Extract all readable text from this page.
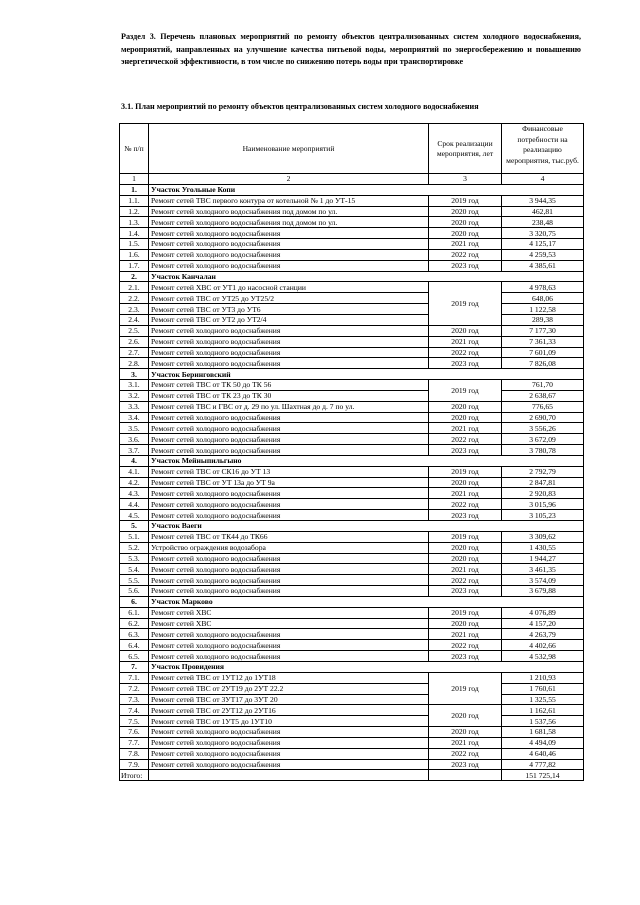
Раздел 3. Перечень плановых мероприятий по ремонту объектов централизованных систем холодного водоснабжения, мероприятий, направленных на улучшение качества питьевой воды, мероприятий по энергосбережению и повышению энергетической эффективности, в том числе по снижению потерь воды при транспортировке
3.1. План мероприятий по ремонту объектов централизованных систем холодного водоснабжения
№ п/п	Наименование мероприятий	Срок реализации мероприятия, лет	Финансовые потребности на реализацию мероприятия, тыс.руб.
1	2	3	4
1.	Участок Угольные Копи		
1.1.	Ремонт сетей ТВС первого контура от котельной № 1 до УТ-15	2019 год	3 944,35
1.2.	Ремонт сетей холодного водоснабжения под домом по ул.	2020 год	462,81
1.3.	Ремонт сетей холодного водоснабжения под домом по ул.	2020 год	238,48
1.4.	Ремонт сетей холодного водоснабжения	2020 год	3 320,75
1.5.	Ремонт сетей холодного водоснабжения	2021 год	4 125,17
1.6.	Ремонт сетей холодного водоснабжения	2022 год	4 259,53
1.7.	Ремонт сетей холодного водоснабжения	2023 год	4 385,61
2.	Участок Канчалан		
2.1.	Ремонт сетей ХВС от УТ1 до насосной станции	2019 год	4 978,63
2.2.	Ремонт сетей ТВС от УТ25 до УТ25/2		648,06
2.3.	Ремонт сетей ТВС от УТ3 до УТ6		1 122,58
2.4.	Ремонт сетей ТВС от УТ2 до УТ2/4		289,38
2.5.	Ремонт сетей холодного водоснабжения	2020 год	7 177,30
2.6.	Ремонт сетей холодного водоснабжения	2021 год	7 361,33
2.7.	Ремонт сетей холодного водоснабжения	2022 год	7 601,09
2.8.	Ремонт сетей холодного водоснабжения	2023 год	7 826,08
3.	Участок Беринговский		
3.1.	Ремонт сетей ТВС от ТК 50 до ТК 56	2019 год	761,70
3.2.	Ремонт сетей ТВС от ТК 23 до ТК 30		2 638,67
3.3.	Ремонт сетей ТВС и ГВС от д. 29 по ул. Шахтная до д. 7 по ул.	2020 год	776,65
3.4.	Ремонт сетей холодного водоснабжения	2020 год	2 690,70
3.5.	Ремонт сетей холодного водоснабжения	2021 год	3 556,26
3.6.	Ремонт сетей холодного водоснабжения	2022 год	3 672,09
3.7.	Ремонт сетей холодного водоснабжения	2023 год	3 780,78
4.	Участок Мейныпильгыно		
4.1.	Ремонт сетей ТВС от СК16 до УТ 13	2019 год	2 792,79
4.2.	Ремонт сетей ТВС от УТ 13а до УТ 9а	2020 год	2 847,81
4.3.	Ремонт сетей холодного водоснабжения	2021 год	2 920,83
4.4.	Ремонт сетей холодного водоснабжения	2022 год	3 015,96
4.5.	Ремонт сетей холодного водоснабжения	2023 год	3 105,23
5.	Участок Ваеги		
5.1.	Ремонт сетей ТВС от ТК44 до ТК66	2019 год	3 309,62
5.2.	Устройство ограждения водозабора	2020 год	1 430,55
5.3.	Ремонт сетей холодного водоснабжения	2020 год	1 944,27
5.4.	Ремонт сетей холодного водоснабжения	2021 год	3 461,35
5.5.	Ремонт сетей холодного водоснабжения	2022 год	3 574,09
5.6.	Ремонт сетей холодного водоснабжения	2023 год	3 679,88
6.	Участок Марково		
6.1.	Ремонт сетей ХВС	2019 год	4 076,89
6.2.	Ремонт сетей ХВС	2020 год	4 157,20
6.3.	Ремонт сетей холодного водоснабжения	2021 год	4 263,79
6.4.	Ремонт сетей холодного водоснабжения	2022 год	4 402,66
6.5.	Ремонт сетей холодного водоснабжения	2023 год	4 532,98
7.	Участок Провидения		
7.1.	Ремонт сетей ТВС от 1УТ12 до 1УТ18	2019 год	1 210,93
7.2.	Ремонт сетей ТВС от 2УТ19 до 2УТ 22.2		1 760,61
7.3.	Ремонт сетей ТВС от 3УТ17 до 3УТ 20		1 325,55
7.4.	Ремонт сетей ТВС от 2УТ12 до 2УТ16	2020 год	1 162,61
7.5.	Ремонт сетей ТВС от 1УТ5 до 1УТ10		1 537,56
7.6.	Ремонт сетей холодного водоснабжения	2020 год	1 681,58
7.7.	Ремонт сетей холодного водоснабжения	2021 год	4 494,09
7.8.	Ремонт сетей холодного водоснабжения	2022 год	4 640,46
7.9.	Ремонт сетей холодного водоснабжения	2023 год	4 777,82
Итого:			151 725,14
